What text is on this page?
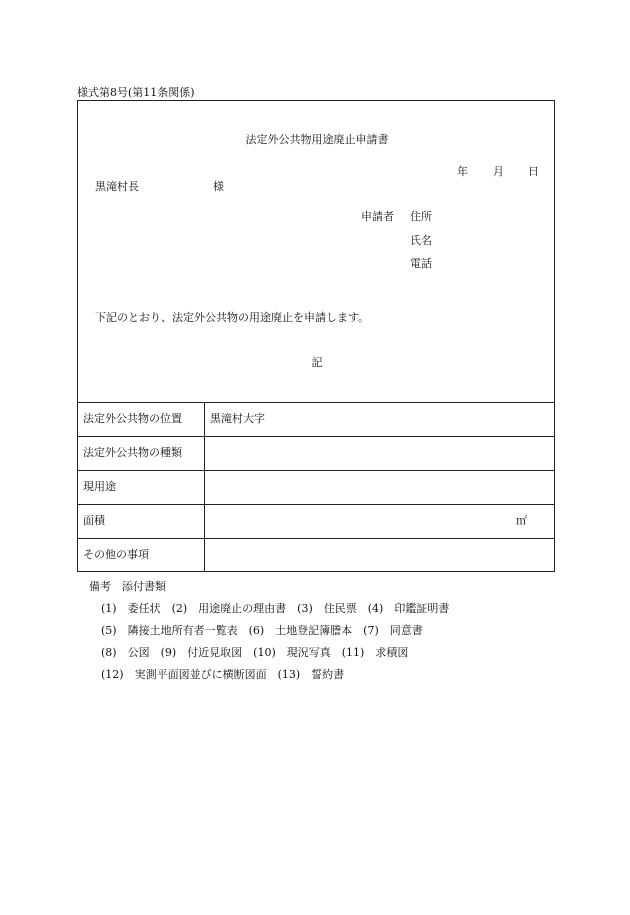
様式第8号(第11条関係)
法定外公共物用途廃止申請書
年 月 日
黒滝村長	様
申請者 住所
氏名
電話
下記のとおり、法定外公共物の用途廃止を申請します。
記
法定外公共物の位置	黒滝村大字
法定外公共物の種類
現用途
面積	㎡
その他の事項
備考　添付書類
(1)　委任状　(2)　用途廃止の理由書　(3)　住民票　(4)　印鑑証明書
(5)　隣接土地所有者一覧表　(6)　土地登記簿謄本　(7)　同意書
(8)　公図　(9)　付近見取図　(10)　現況写真　(11)　求積図
(12)　実測平面図並びに横断図面　(13)　誓約書
